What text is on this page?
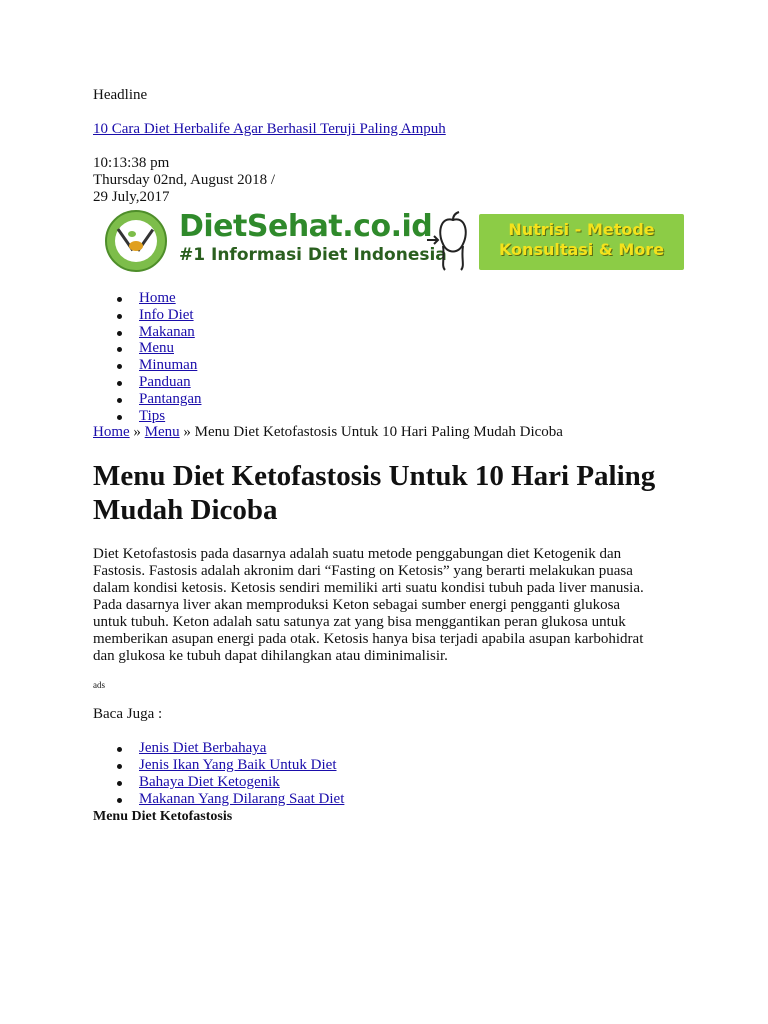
Headline
10 Cara Diet Herbalife Agar Berhasil Teruji Paling Ampuh
10:13:38 pm
Thursday 02nd, August 2018 /
29 July,2017
DietSehat.co.id
#1 Informasi Diet Indonesia
Nutrisi - Metode
Konsultasi & More
Home
Info Diet
Makanan
Menu
Minuman
Panduan
Pantangan
Tips
Home » Menu » Menu Diet Ketofastosis Untuk 10 Hari Paling Mudah Dicoba
Menu Diet Ketofastosis Untuk 10 Hari Paling Mudah Dicoba

Diet Ketofastosis pada dasarnya adalah suatu metode penggabungan diet Ketogenik dan Fastosis. Fastosis adalah akronim dari “Fasting on Ketosis” yang berarti melakukan puasa dalam kondisi ketosis. Ketosis sendiri memiliki arti suatu kondisi tubuh pada liver manusia. Pada dasarnya liver akan memproduksi Keton sebagai sumber energi pengganti glukosa untuk tubuh. Keton adalah satu satunya zat yang bisa menggantikan peran glukosa untuk memberikan asupan energi pada otak. Ketosis hanya bisa terjadi apabila asupan karbohidrat dan glukosa ke tubuh dapat dihilangkan atau diminimalisir.

ads
Baca Juga :
Jenis Diet Berbahaya
Jenis Ikan Yang Baik Untuk Diet
Bahaya Diet Ketogenik
Makanan Yang Dilarang Saat Diet

Menu Diet Ketofastosis
